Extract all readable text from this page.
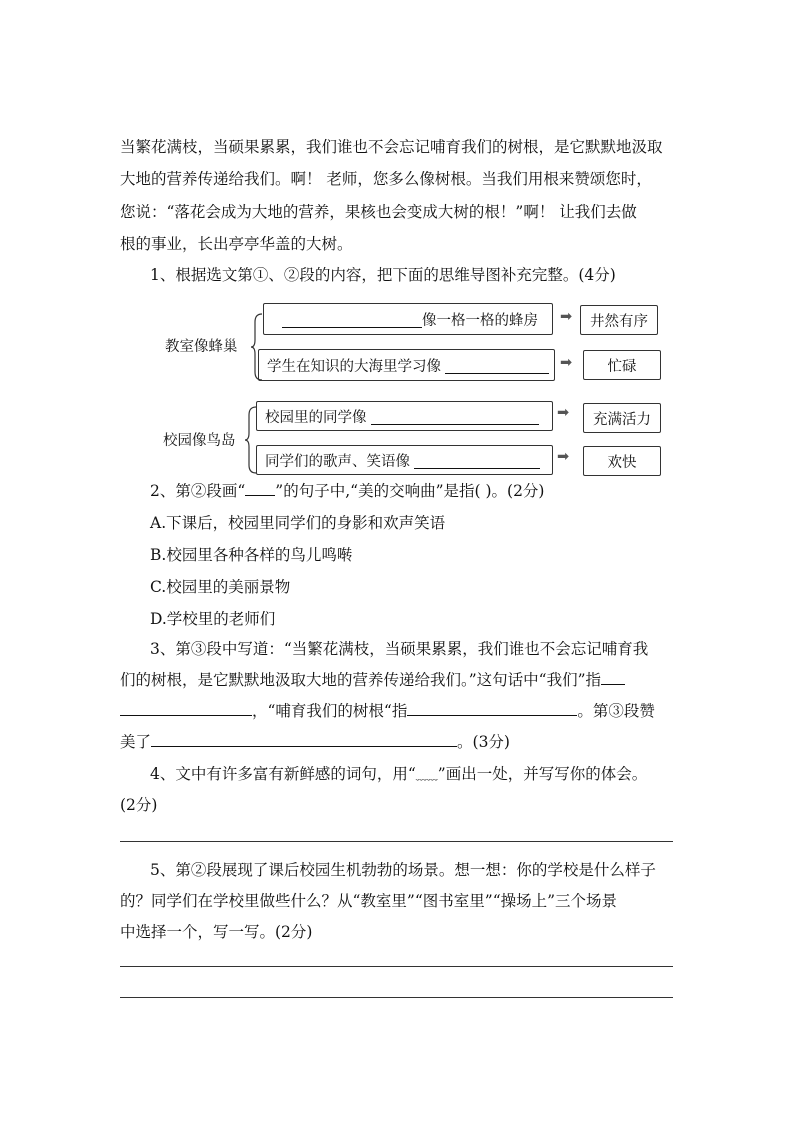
当繁花满枝，当硕果累累，我们谁也不会忘记哺育我们的树根，是它默默地汲取
大地的营养传递给我们。啊！ 老师，您多么像树根。当我们用根来赞颂您时，
您说：“落花会成为大地的营养，果核也会变成大树的根！”啊！ 让我们去做
根的事业，长出亭亭华盖的大树。
1、根据选文第①、②段的内容，把下面的思维导图补充完整。(4分)
教室像蜂巢
像一格一格的蜂房 ➡	井然有序
学生在知识的大海里学习像	➡	忙碌
校园像鸟岛
校园里的同学像	➡	充满活力
同学们的歌声、笑语像	➡	欢快
2、第②段画“ ”的句子中,“美的交响曲”是指( )。(2分)
A.下课后，校园里同学们的身影和欢声笑语
B.校园里各种各样的鸟儿鸣啭
C.校园里的美丽景物
D.学校里的老师们
3、第③段中写道：“当繁花满枝，当硕果累累，我们谁也不会忘记哺育我
们的树根，是它默默地汲取大地的营养传递给我们。”这句话中“我们”指
，“哺育我们的树根“指	。第③段赞
美了	。(3分)
4、文中有许多富有新鲜感的词句，用“﹏﹏”画出一处，并写写你的体会。
(2分)
5、第②段展现了课后校园生机勃勃的场景。想一想：你的学校是什么样子
的？同学们在学校里做些什么？从“教室里”“图书室里”“操场上”三个场景
中选择一个，写一写。(2分)
